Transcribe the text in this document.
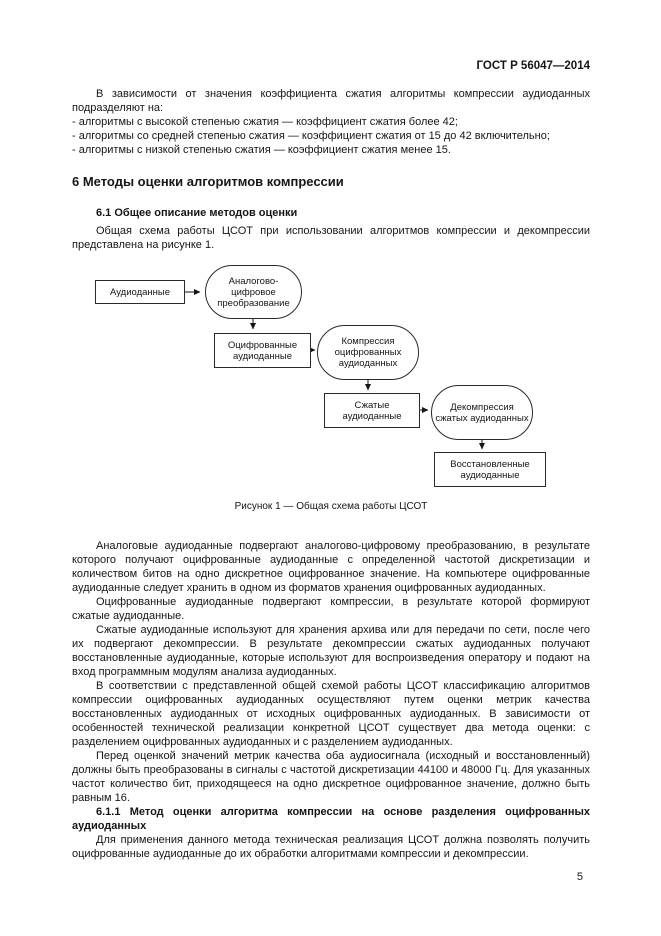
ГОСТ Р 56047—2014

В зависимости от значения коэффициента сжатия алгоритмы компрессии аудиоданных подразделяют на:

- алгоритмы с высокой степенью сжатия — коэффициент сжатия более 42;
- алгоритмы со средней степенью сжатия — коэффициент сжатия от 15 до 42 включительно;
- алгоритмы с низкой степенью сжатия — коэффициент сжатия менее 15.
6 Методы оценки алгоритмов компрессии
6.1 Общее описание методов оценки

Общая схема работы ЦСОТ при использовании алгоритмов компрессии и декомпрессии представлена на рисунке 1.

Аудиоданные
Аналогово-цифровое преобразование
Оцифрованные аудиоданные
Компрессия оцифрованных аудиоданных
Сжатые аудиоданные
Декомпрессия сжатых аудиоданных
Восстановленные аудиоданные
Рисунок 1 — Общая схема работы ЦСОТ

Аналоговые аудиоданные подвергают аналогово-цифровому преобразованию, в результате которого получают оцифрованные аудиоданные с определенной частотой дискретизации и количеством битов на одно дискретное оцифрованное значение. На компьютере оцифрованные аудиоданные следует хранить в одном из форматов хранения оцифрованных аудиоданных.

Оцифрованные аудиоданные подвергают компрессии, в результате которой формируют сжатые аудиоданные.

Сжатые аудиоданные используют для хранения архива или для передачи по сети, после чего их подвергают декомпрессии. В результате декомпрессии сжатых аудиоданных получают восстановленные аудиоданные, которые используют для воспроизведения оператору и подают на вход программным модулям анализа аудиоданных.

В соответствии с представленной общей схемой работы ЦСОТ классификацию алгоритмов компрессии оцифрованных аудиоданных осуществляют путем оценки метрик качества восстановленных аудиоданных от исходных оцифрованных аудиоданных. В зависимости от особенностей технической реализации конкретной ЦСОТ существует два метода оценки: с разделением оцифрованных аудиоданных и с разделением аудиоданных.

Перед оценкой значений метрик качества оба аудиосигнала (исходный и восстановленный) должны быть преобразованы в сигналы с частотой дискретизации 44100 и 48000 Гц. Для указанных частот количество бит, приходящееся на одно дискретное оцифрованное значение, должно быть равным 16.

6.1.1 Метод оценки алгоритма компрессии на основе разделения оцифрованных аудиоданных

Для применения данного метода техническая реализация ЦСОТ должна позволять получить оцифрованные аудиоданные до их обработки алгоритмами компрессии и декомпрессии.

5
